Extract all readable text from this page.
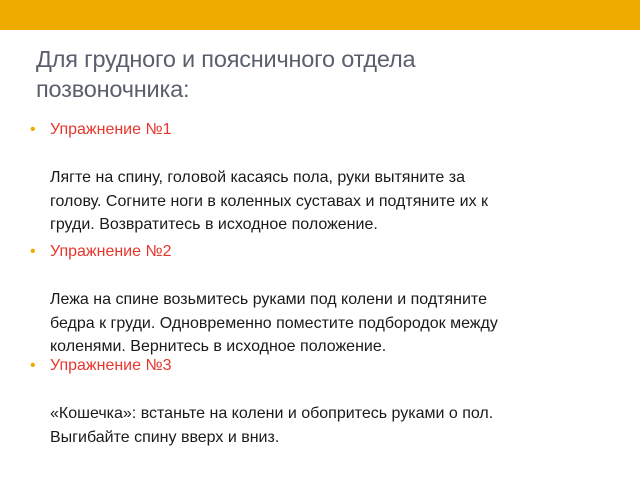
Для грудного и поясничного отдела
позвоночника:
• Упражнение №1
Лягте на спину, головой касаясь пола, руки вытяните за
голову. Согните ноги в коленных суставах и подтяните их к
груди. Возвратитесь в исходное положение.
• Упражнение №2
Лежа на спине возьмитесь руками под колени и подтяните
бедра к груди. Одновременно поместите подбородок между
коленями. Вернитесь в исходное положение.
• Упражнение №3
«Кошечка»: встаньте на колени и обопритесь руками о пол.
Выгибайте спину вверх и вниз.
